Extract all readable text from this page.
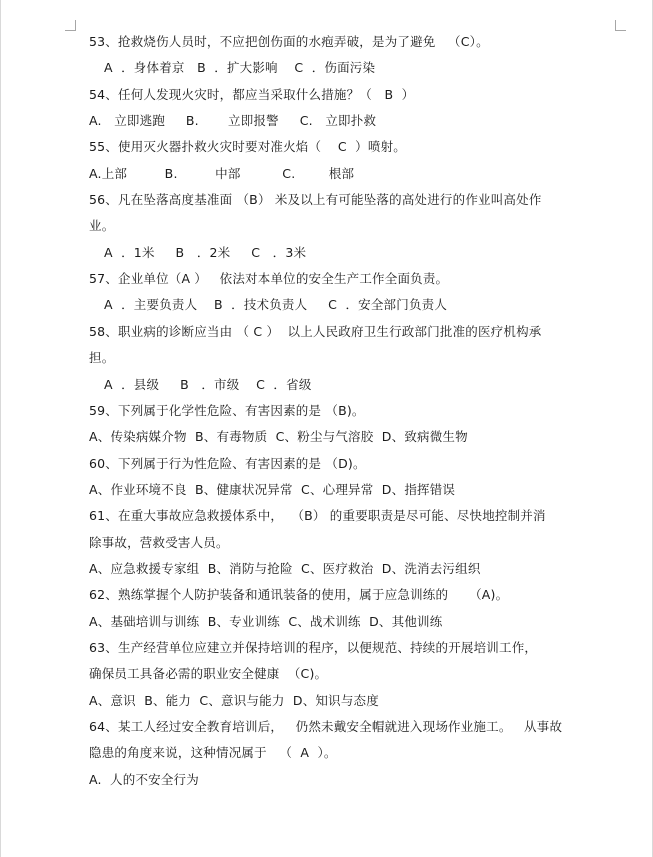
53、抢救烧伤人员时，不应把创伤面的水疱弄破，是为了避免   （C）。
A  ．身体着京   B  ．扩大影响    C  ．伤面污染
54、任何人发现火灾时，都应当采取什么措施？（   B  ）
A.   立即逃跑     B.       立即报警     C.   立即扑救
55、使用灭火器扑救火灾时要对准火焰（    C  ）喷射。
A.上部         B.         中部          C.        根部
56、凡在坠落高度基准面 （B） 米及以上有可能坠落的高处进行的作业叫高处作
业。
A  ．1米     B   ．2米     C   ．3米
57、企业单位（A ）   依法对本单位的安全生产工作全面负责。
A  ．主要负责人    B  ．技术负责人     C  ．安全部门负责人
58、职业病的诊断应当由 （ C ）  以上人民政府卫生行政部门批准的医疗机构承
担。
A  ．县级     B   ．市级    C  ．省级
59、下列属于化学性危险、有害因素的是 （B)。
A、传染病媒介物  B、有毒物质  C、粉尘与气溶胶  D、致病微生物
60、下列属于行为性危险、有害因素的是 （D)。
A、作业环境不良  B、健康状况异常  C、心理异常  D、指挥错误
61、在重大事故应急救援体系中，  （B） 的重要职责是尽可能、尽快地控制并消
除事故，营救受害人员。
A、应急救援专家组  B、消防与抢险  C、医疗救治  D、洗消去污组织
62、熟练掌握个人防护装备和通讯装备的使用，属于应急训练的     （A)。
A、基础培训与训练  B、专业训练  C、战术训练  D、其他训练
63、生产经营单位应建立并保持培训的程序，以便规范、持续的开展培训工作，
确保员工具备必需的职业安全健康  （C)。
A、意识  B、能力  C、意识与能力  D、知识与态度
64、某工人经过安全教育培训后，   仍然未戴安全帽就进入现场作业施工。   从事故
隐患的角度来说，这种情况属于   （  A  ）。
A.  人的不安全行为
